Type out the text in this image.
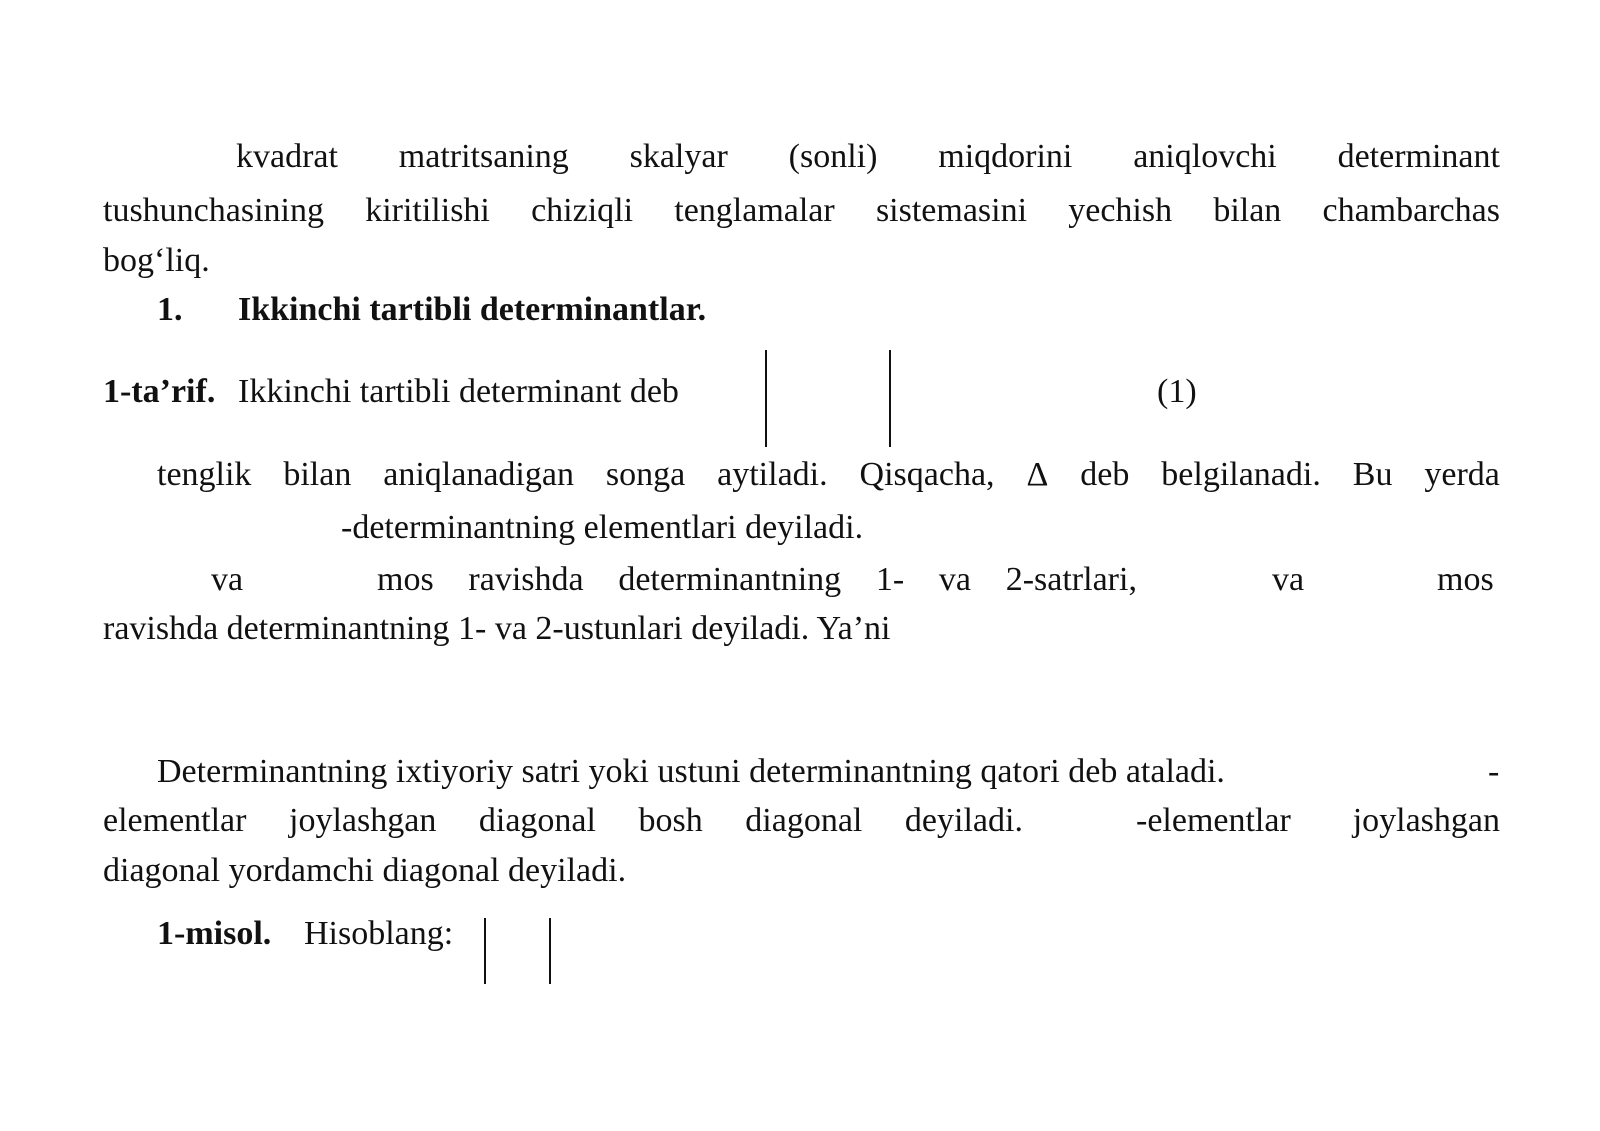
kvadrat matritsaning skalyar (sonli) miqdorini aniqlovchi determinant
tushunchasining kiritilishi chiziqli tenglamalar sistemasini yechish bilan chambarchas
bog‘liq.
1. Ikkinchi tartibli determinantlar.
1-ta’rif. Ikkinchi tartibli determinant deb	(1)
tenglik bilan aniqlanadigan songa aytiladi. Qisqacha, Δ deb belgilanadi. Bu yerda
-determinantning elementlari deyiladi.
va	mos ravishda determinantning 1- va 2-satrlari,	va	mos
ravishda determinantning 1- va 2-ustunlari deyiladi. Ya’ni
Determinantning ixtiyoriy satri yoki ustuni determinantning qatori deb ataladi.	-
elementlar joylashgan diagonal bosh diagonal deyiladi.	-elementlar joylashgan
diagonal yordamchi diagonal deyiladi.
1-misol. Hisoblang:
